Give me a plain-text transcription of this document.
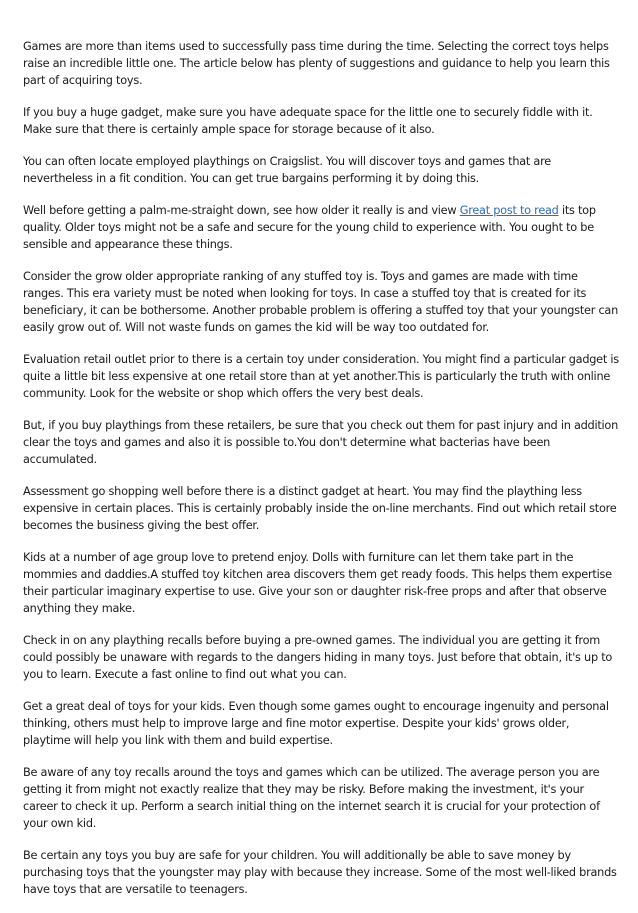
Games are more than items used to successfully pass time during the time. Selecting the correct toys helps raise an incredible little one. The article below has plenty of suggestions and guidance to help you learn this part of acquiring toys.

If you buy a huge gadget, make sure you have adequate space for the little one to securely fiddle with it. Make sure that there is certainly ample space for storage because of it also.

You can often locate employed playthings on Craigslist. You will discover toys and games that are nevertheless in a fit condition. You can get true bargains performing it by doing this.

Well before getting a palm-me-straight down, see how older it really is and view Great post to read its top quality. Older toys might not be a safe and secure for the young child to experience with. You ought to be sensible and appearance these things.

Consider the grow older appropriate ranking of any stuffed toy is. Toys and games are made with time ranges. This era variety must be noted when looking for toys. In case a stuffed toy that is created for its beneficiary, it can be bothersome. Another probable problem is offering a stuffed toy that your youngster can easily grow out of. Will not waste funds on games the kid will be way too outdated for.

Evaluation retail outlet prior to there is a certain toy under consideration. You might find a particular gadget is quite a little bit less expensive at one retail store than at yet another.This is particularly the truth with online community. Look for the website or shop which offers the very best deals.

But, if you buy playthings from these retailers, be sure that you check out them for past injury and in addition clear the toys and games and also it is possible to.You don't determine what bacterias have been accumulated.

Assessment go shopping well before there is a distinct gadget at heart. You may find the plaything less expensive in certain places. This is certainly probably inside the on-line merchants. Find out which retail store becomes the business giving the best offer.

Kids at a number of age group love to pretend enjoy. Dolls with furniture can let them take part in the mommies and daddies.A stuffed toy kitchen area discovers them get ready foods. This helps them expertise their particular imaginary expertise to use. Give your son or daughter risk-free props and after that observe anything they make.

Check in on any plaything recalls before buying a pre-owned games. The individual you are getting it from could possibly be unaware with regards to the dangers hiding in many toys. Just before that obtain, it's up to you to learn. Execute a fast online to find out what you can.

Get a great deal of toys for your kids. Even though some games ought to encourage ingenuity and personal thinking, others must help to improve large and fine motor expertise. Despite your kids' grows older, playtime will help you link with them and build expertise.

Be aware of any toy recalls around the toys and games which can be utilized. The average person you are getting it from might not exactly realize that they may be risky. Before making the investment, it's your career to check it up. Perform a search initial thing on the internet search it is crucial for your protection of your own kid.

Be certain any toys you buy are safe for your children. You will additionally be able to save money by purchasing toys that the youngster may play with because they increase. Some of the most well-liked brands have toys that are versatile to teenagers.
